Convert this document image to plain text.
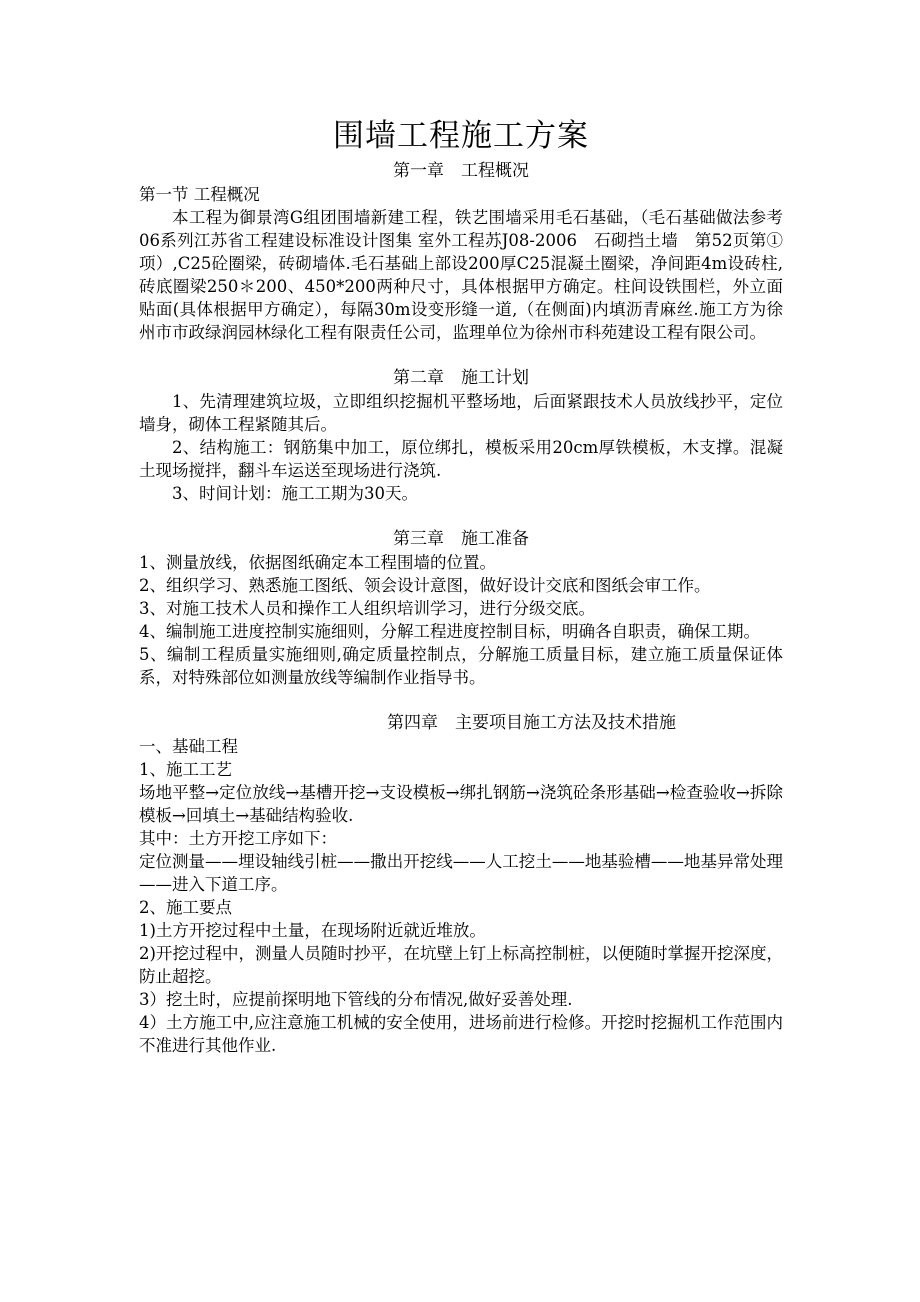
围墙工程施工方案
第一章　工程概况
第一节 工程概况

本工程为御景湾G组团围墙新建工程，铁艺围墙采用毛石基础，（毛石基础做法参考06系列江苏省工程建设标准设计图集 室外工程苏J08-2006　石砌挡土墙　第52页第①项）,C25砼圈梁，砖砌墙体.毛石基础上部设200厚C25混凝土圈梁，净间距4m设砖柱,砖底圈梁250＊200、450*200两种尺寸，具体根据甲方确定。柱间设铁围栏，外立面贴面(具体根据甲方确定），每隔30m设变形缝一道,（在侧面)内填沥青麻丝.施工方为徐州市市政绿润园林绿化工程有限责任公司，监理单位为徐州市科苑建设工程有限公司。

第二章　施工计划

1、先清理建筑垃圾，立即组织挖掘机平整场地，后面紧跟技术人员放线抄平，定位墙身，砌体工程紧随其后。

2、结构施工：钢筋集中加工，原位绑扎，模板采用20cm厚铁模板，木支撑。混凝土现场搅拌，翻斗车运送至现场进行浇筑.

3、时间计划：施工工期为30天。

第三章　施工准备

1、测量放线，依据图纸确定本工程围墙的位置。

2、组织学习、熟悉施工图纸、领会设计意图，做好设计交底和图纸会审工作。

3、对施工技术人员和操作工人组织培训学习，进行分级交底。

4、编制施工进度控制实施细则，分解工程进度控制目标，明确各自职责，确保工期。

5、编制工程质量实施细则,确定质量控制点，分解施工质量目标，建立施工质量保证体系，对特殊部位如测量放线等编制作业指导书。

第四章　主要项目施工方法及技术措施
一、基础工程
1、施工工艺

场地平整→定位放线→基槽开挖→支设模板→绑扎钢筋→浇筑砼条形基础→检查验收→拆除模板→回填土→基础结构验收.

其中：土方开挖工序如下：

定位测量——埋设轴线引桩——撒出开挖线——人工挖土——地基验槽——地基异常处理——进入下道工序。

2、施工要点

1)土方开挖过程中土量，在现场附近就近堆放。

2)开挖过程中，测量人员随时抄平，在坑壁上钉上标高控制桩，以便随时掌握开挖深度，防止超挖。

3）挖土时，应提前探明地下管线的分布情况,做好妥善处理.

4）土方施工中,应注意施工机械的安全使用，进场前进行检修。开挖时挖掘机工作范围内不准进行其他作业.
